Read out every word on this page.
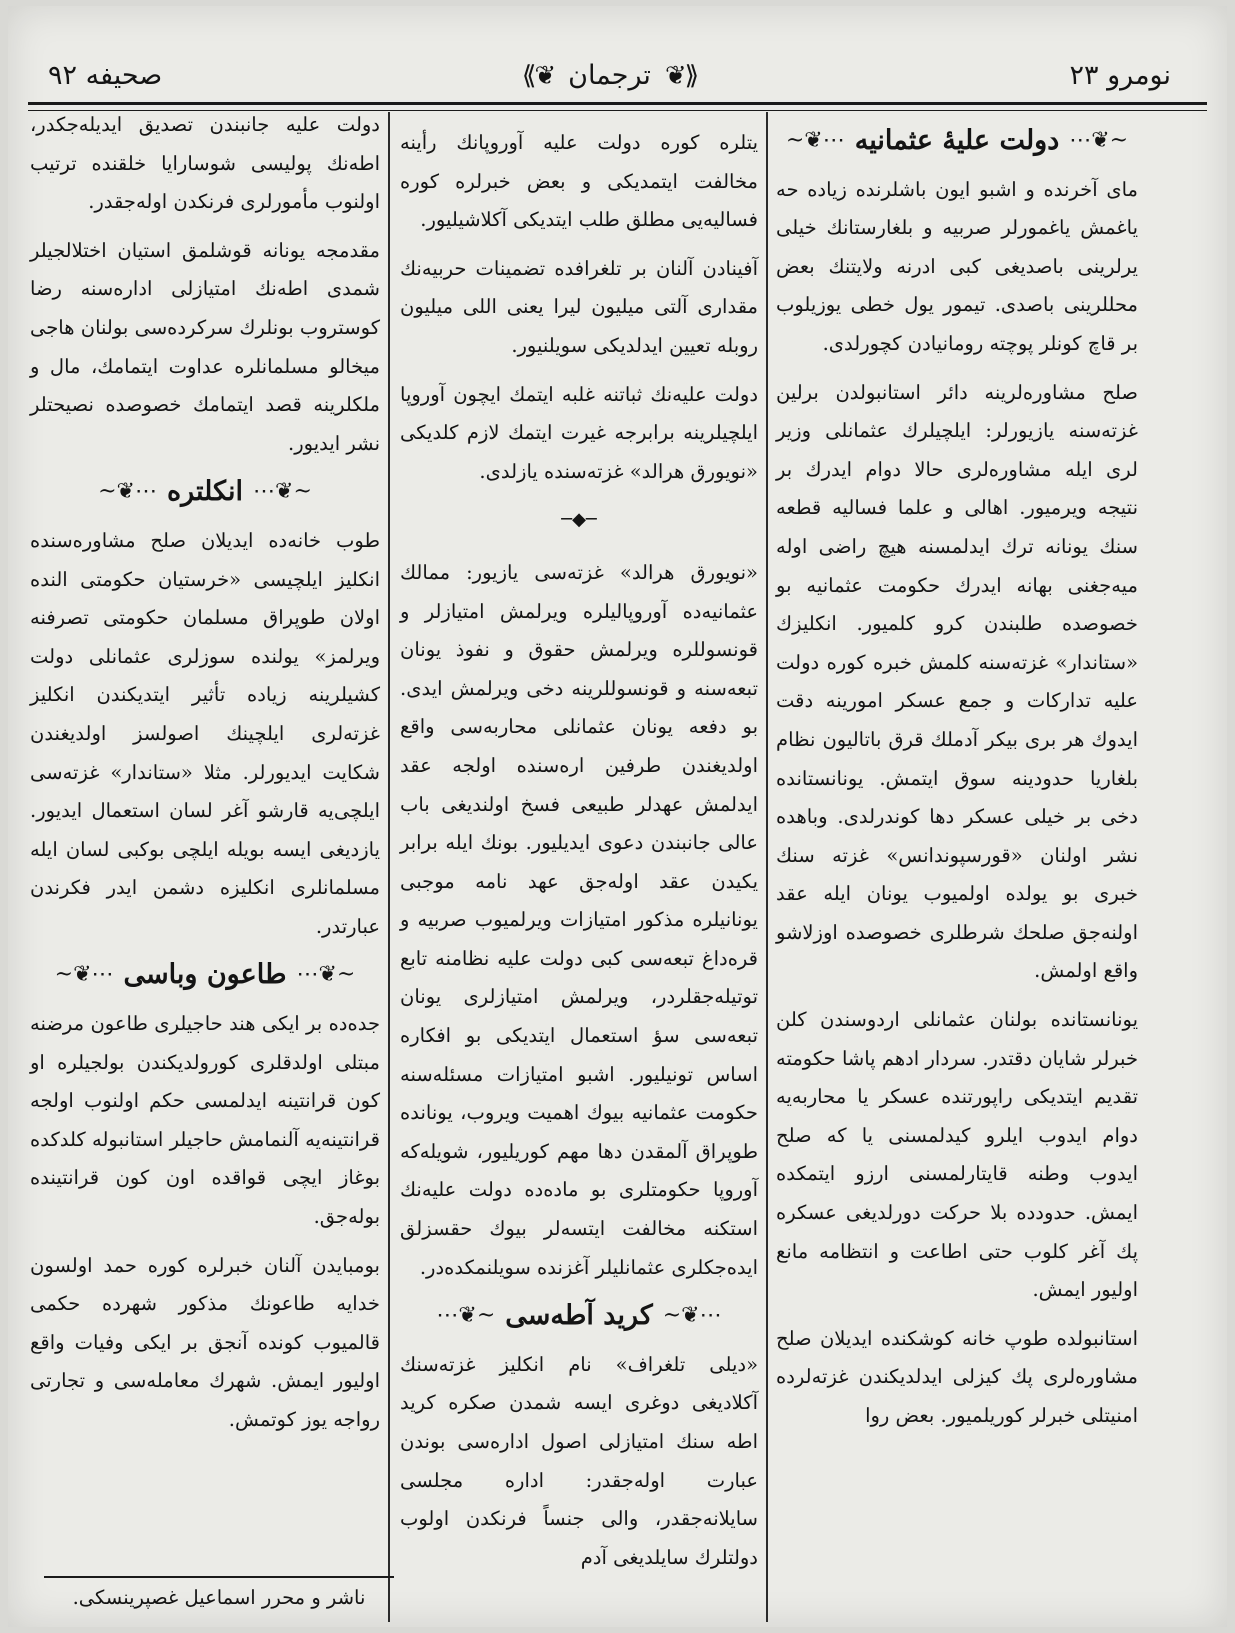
صحیفه ۹۲	⟪❦ ترجمان ❦⟫	نومرو ۲۳
~❦⋯ دولت علیهٔ عثمانیه ⋯❦~

مای آخرنده و اشبو ایون باشلرنده زیاده حه یاغمش یاغمورلر صربیه و بلغارستانك خیلی یرلرینی باصدیغی کبی ادرنه ولایتنك بعض محللرینی باصدی. تیمور یول خطی یوزیلوب بر قاچ کونلر پوچته رومانیادن کچورلدی.

صلح مشاوره‌لرینه دائر استانبولدن برلین غزته‌سنه یازیورلر: ایلچیلرك عثمانلی وزیر لری ایله مشاوره‌لری حالا دوام ایدرك بر نتیجه ویرمیور. اهالی و علما فسالیه قطعه سنك یونانه ترك ایدلمسنه هیچ راضی اوله میه‌جغنی بهانه ایدرك حکومت عثمانیه بو خصوصده طلبندن کرو کلمیور. انکلیزك «ستاندار» غزته‌سنه کلمش خبره کوره دولت علیه تدارکات و جمع عسکر امورینه دقت ایدوك هر بری بیکر آدملك قرق باتالیون نظام بلغاریا حدودینه سوق ایتمش. یونانستانده دخی بر خیلی عسکر دها کوندرلدی. وباهده نشر اولنان «قورسپوندانس» غزته سنك خبری بو یولده اولمیوب یونان ایله عقد اولنه‌جق صلحك شرطلری خصوصده اوزلاشو واقع اولمش.

یونانستانده بولنان عثمانلی اردوسندن کلن خبرلر شایان دقتدر. سردار ادهم پاشا حکومته تقدیم ایتدیکی راپورتنده عسکر یا محاربه‌یه دوام ایدوب ایلرو کیدلمسنی یا که صلح ایدوب وطنه قایتارلمسنی ارزو ایتمکده ایمش. حدودده بلا حرکت دورلدیغی عسکره پك آغر کلوب حتی اطاعت و انتظامه مانع اولیور ایمش.

استانبولده طوپ خانه کوشکنده ایدیلان صلح مشاوره‌لری پك کیزلی ایدلدیکندن غزته‌لرده امنیتلی خبرلر کوریلمیور. بعض روا

یتلره کوره دولت علیه آوروپانك رأینه مخالفت ایتمدیکی و بعض خبرلره کوره فسالیه‌یی مطلق طلب ایتدیکی آکلاشیلیور.

آفینادن آلنان بر تلغرافده تضمینات حربیه‌نك مقداری آلتی میلیون لیرا یعنی اللی میلیون روبله تعیین ایدلدیکی سویلنیور.

دولت علیه‌نك ثباتنه غلبه ایتمك ایچون آوروپا ایلچیلرینه برابرجه غیرت ایتمك لازم کلدیکی «نویورق هرالد» غزته‌سنده یازلدی.

─◆─

«نویورق هرالد» غزته‌سی یازیور: ممالك عثمانیه‌ده آوروپالیلره ویرلمش امتیازلر و قونسوللره ویرلمش حقوق و نفوذ یونان تبعه‌سنه و قونسوللرینه دخی ویرلمش ایدی. بو دفعه یونان عثمانلی محاربه‌سی واقع اولدیغندن طرفین اره‌سنده اولجه عقد ایدلمش عهدلر طبیعی فسخ اولندیغی باب عالی جانبندن دعوی ایدیلیور. بونك ایله برابر یکیدن عقد اوله‌جق عهد نامه موجبی یونانیلره مذکور امتیازات ویرلمیوب صربیه و قره‌داغ تبعه‌سی کبی دولت علیه نظامنه تابع توتیله‌جقلردر، ویرلمش امتیازلری یونان تبعه‌سی سؤ استعمال ایتدیکی بو افکاره اساس تونیلیور. اشبو امتیازات مسئله‌سنه حکومت عثمانیه بیوك اهمیت ویروب، یونانده طوپراق آلمقدن دها مهم کوریلیور، شویله‌که آوروپا حکومتلری بو ماده‌ده دولت علیه‌نك استکنه مخالفت ایتسه‌لر بیوك حقسزلق ایده‌جکلری عثمانلیلر آغزنده سویلنمکده‌در.

⋯❦~ کرید آطه‌سی ~❦⋯

«دیلی تلغراف» نام انکلیز غزته‌سنك آکلادیغی دوغری ایسه شمدن صکره کرید اطه سنك امتیازلی اصول اداره‌سی بوندن عبارت اوله‌جقدر: اداره مجلسی سایلانه‌جقدر، والی جنساً فرنکدن اولوب دولتلرك سایلدیغی آدم

دولت علیه جانبندن تصدیق ایدیله‌جکدر، اطه‌نك پولیسی شوسارایا خلقنده ترتیب اولنوب مأمورلری فرنکدن اوله‌جقدر.

مقدمجه یونانه قوشلمق استیان اختلالجیلر شمدی اطه‌نك امتیازلی اداره‌سنه رضا کوستروب بونلرك سرکرده‌سی بولنان هاجی میخالو مسلمانلره عداوت ایتمامك، مال و ملکلرینه قصد ایتمامك خصوصده نصیحتلر نشر ایدیور.

~❦⋯ انکلتره ⋯❦~

طوب خانه‌ده ایدیلان صلح مشاوره‌سنده انکلیز ایلچیسی «خرستیان حکومتی النده اولان طوپراق مسلمان حکومتی تصرفنه ویرلمز» یولنده سوزلری عثمانلی دولت کشیلرینه زیاده تأثیر ایتدیکندن انکلیز غزته‌لری ایلچینك اصولسز اولدیغندن شکایت ایدیورلر. مثلا «ستاندار» غزته‌سی ایلچی‌یه قارشو آغر لسان استعمال ایدیور. یازدیغی ایسه بویله ایلچی بوکبی لسان ایله مسلمانلری انکلیزه دشمن ایدر فکرندن عبارتدر.

~❦⋯ طاعون وباسی ⋯❦~

جده‌ده بر ایکی هند حاجیلری طاعون مرضنه مبتلی اولدقلری کورولدیکندن بولجیلره او کون قرانتینه ایدلمسی حکم اولنوب اولجه قرانتینه‌یه آلنمامش حاجیلر استانبوله کلدکده بوغاز ایچی قواقده اون کون قرانتینده بوله‌جق.

بومبایدن آلنان خبرلره کوره حمد اولسون خدایه طاعونك مذکور شهرده حکمی قالمیوب کونده آنجق بر ایکی وفیات واقع اولیور ایمش. شهرك معامله‌سی و تجارتی رواجه یوز کوتمش.

ناشر و محرر اسماعیل غصپرینسکی.
